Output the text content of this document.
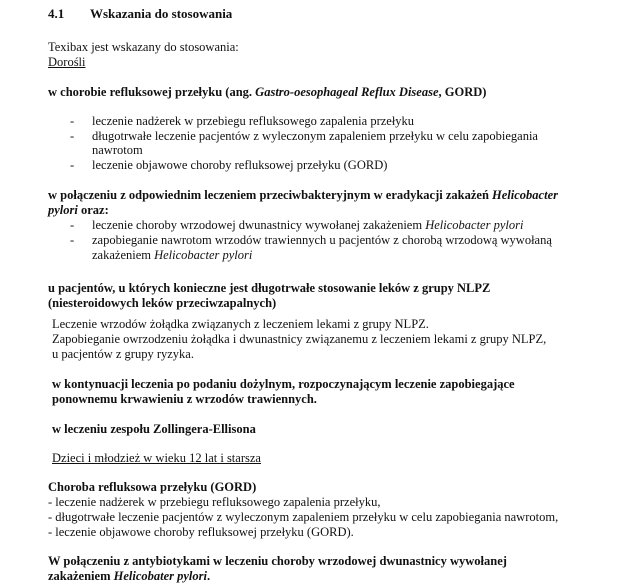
4.1	Wskazania do stosowania
Texibax jest wskazany do stosowania:
Dorośli
w chorobie refluksowej przełyku (ang. Gastro-oesophageal Reflux Disease, GORD)
- leczenie nadżerek w przebiegu refluksowego zapalenia przełyku
- długotrwałe leczenie pacjentów z wyleczonym zapaleniem przełyku w celu zapobiegania
nawrotom
- leczenie objawowe choroby refluksowej przełyku (GORD)
w połączeniu z odpowiednim leczeniem przeciwbakteryjnym w eradykacji zakażeń Helicobacter
pylori oraz:
- leczenie choroby wrzodowej dwunastnicy wywołanej zakażeniem Helicobacter pylori
- zapobieganie nawrotom wrzodów trawiennych u pacjentów z chorobą wrzodową wywołaną
zakażeniem Helicobacter pylori
u pacjentów, u których konieczne jest długotrwałe stosowanie leków z grupy NLPZ
(niesteroidowych leków przeciwzapalnych)
Leczenie wrzodów żołądka związanych z leczeniem lekami z grupy NLPZ.
Zapobieganie owrzodzeniu żołądka i dwunastnicy związanemu z leczeniem lekami z grupy NLPZ,
u pacjentów z grupy ryzyka.
w kontynuacji leczenia po podaniu dożylnym, rozpoczynającym leczenie zapobiegające
ponownemu krwawieniu z wrzodów trawiennych.
w leczeniu zespołu Zollingera-Ellisona
Dzieci i młodzież w wieku 12 lat i starsza
Choroba refluksowa przełyku (GORD)
- leczenie nadżerek w przebiegu refluksowego zapalenia przełyku,
- długotrwałe leczenie pacjentów z wyleczonym zapaleniem przełyku w celu zapobiegania nawrotom,
- leczenie objawowe choroby refluksowej przełyku (GORD).
W połączeniu z antybiotykami w leczeniu choroby wrzodowej dwunastnicy wywołanej
zakażeniem Helicobater pylori.
